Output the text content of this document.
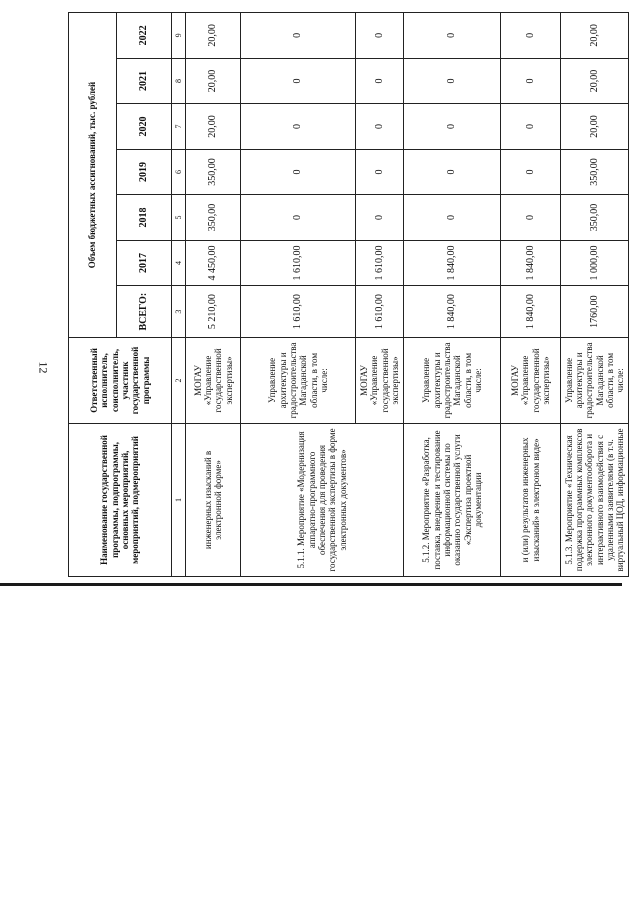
12
Наименование государственной программы, подпрограммы, основных мероприятий, мероприятий, подмероприятий	Ответственный исполнитель, соисполнитель, участник государственной программы	Объем бюджетных ассигнований, тыс. рублей						
		ВСЕГО:	2017	2018	2019	2020	2021	2022
1	2	3	4	5	6	7	8	9
инженерных изысканий в электронной форме»	МОГАУ «Управление государственной экспертизы»	5 210,00	4 450,00	350,00	350,00	20,00	20,00	20,00
5.1.1. Мероприятие «Модернизация аппаратно-программного обеспечения для проведения государственной экспертизы в форме электронных документов»	Управление архитектуры и градостроительства Магаданской области, в том числе:	1 610,00	1 610,00	0	0	0	0	0
	МОГАУ «Управление государственной экспертизы»	1 610,00	1 610,00	0	0	0	0	0
5.1.2. Мероприятие «Разработка, поставка, внедрение и тестирование информационной системы по оказанию государственной услуги «Экспертиза проектной документации	Управление архитектуры и градостроительства Магаданской области, в том числе:	1 840,00	1 840,00	0	0	0	0	0
и (или) результатов инженерных изысканий» в электроном виде»	МОГАУ «Управление государственной экспертизы»	1 840,00	1 840,00	0	0	0	0	0
5.1.3. Мероприятие «Техническая поддержка программных комплексов электронного документооборота и интерактивного взаимодействия с удаленными заявителями (в т.ч. виртуальный ЦОД, информационные	Управление архитектуры и градостроительства Магаданской области, в том числе:	1760,00	1 000,00	350,00	350,00	20,00	20,00	20,00
